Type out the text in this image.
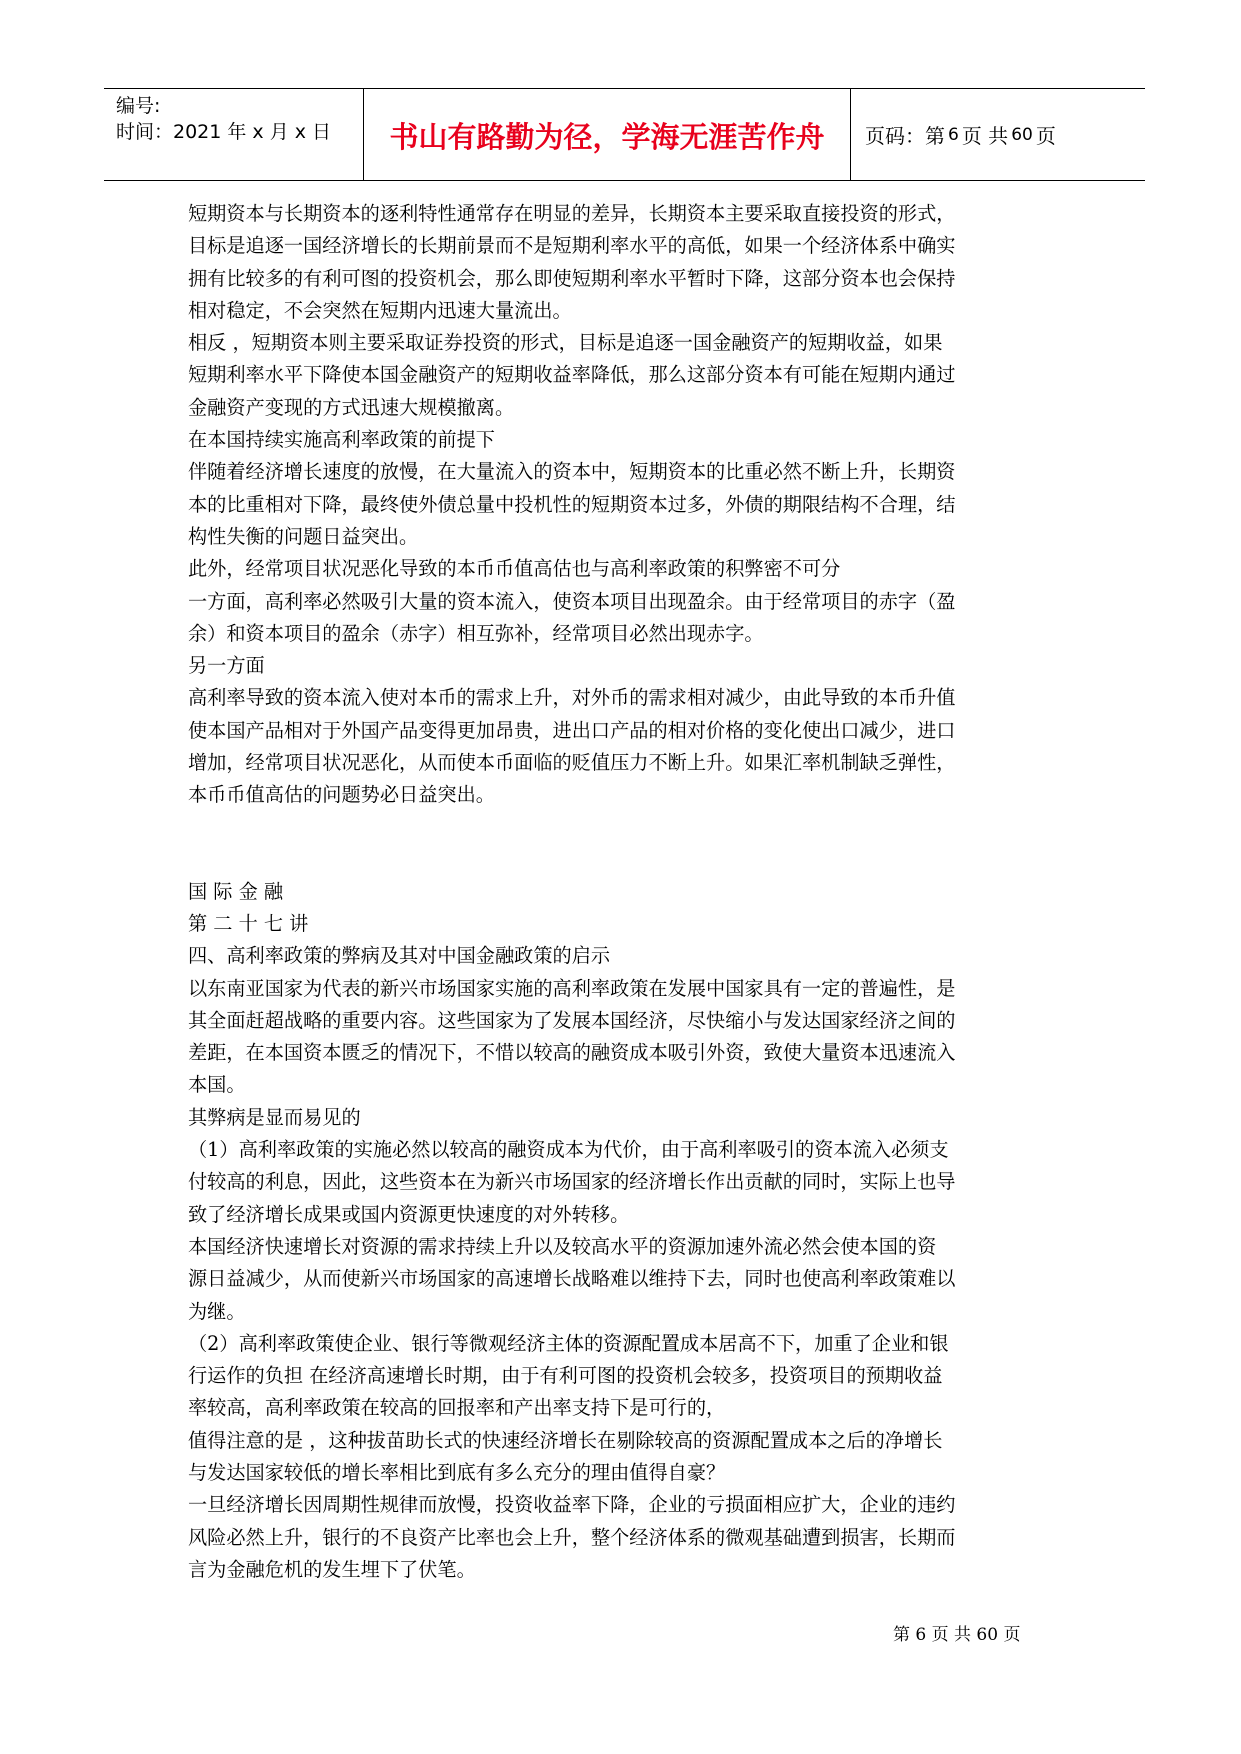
编号:
时间：2021 年 x 月 x 日	书山有路勤为径，学海无涯苦作舟	页码：第 6 页 共 60 页

短期资本与长期资本的逐利特性通常存在明显的差异，长期资本主要采取直接投资的形式，

目标是追逐一国经济增长的长期前景而不是短期利率水平的高低，如果一个经济体系中确实

拥有比较多的有利可图的投资机会，那么即使短期利率水平暂时下降，这部分资本也会保持

相对稳定，不会突然在短期内迅速大量流出。

相反 ，短期资本则主要采取证券投资的形式，目标是追逐一国金融资产的短期收益，如果

短期利率水平下降使本国金融资产的短期收益率降低，那么这部分资本有可能在短期内通过

金融资产变现的方式迅速大规模撤离。

在本国持续实施高利率政策的前提下

伴随着经济增长速度的放慢，在大量流入的资本中，短期资本的比重必然不断上升，长期资

本的比重相对下降，最终使外债总量中投机性的短期资本过多，外债的期限结构不合理，结

构性失衡的问题日益突出。

此外，经常项目状况恶化导致的本币币值高估也与高利率政策的积弊密不可分

一方面，高利率必然吸引大量的资本流入，使资本项目出现盈余。由于经常项目的赤字（盈

余）和资本项目的盈余（赤字）相互弥补，经常项目必然出现赤字。

另一方面

高利率导致的资本流入使对本币的需求上升，对外币的需求相对减少，由此导致的本币升值

使本国产品相对于外国产品变得更加昂贵，进出口产品的相对价格的变化使出口减少，进口

增加，经常项目状况恶化，从而使本币面临的贬值压力不断上升。如果汇率机制缺乏弹性，

本币币值高估的问题势必日益突出。

国 际 金 融

第 二 十 七 讲

四、高利率政策的弊病及其对中国金融政策的启示

以东南亚国家为代表的新兴市场国家实施的高利率政策在发展中国家具有一定的普遍性，是

其全面赶超战略的重要内容。这些国家为了发展本国经济，尽快缩小与发达国家经济之间的

差距，在本国资本匮乏的情况下，不惜以较高的融资成本吸引外资，致使大量资本迅速流入

本国。

其弊病是显而易见的

（1）高利率政策的实施必然以较高的融资成本为代价，由于高利率吸引的资本流入必须支

付较高的利息，因此，这些资本在为新兴市场国家的经济增长作出贡献的同时，实际上也导

致了经济增长成果或国内资源更快速度的对外转移。

本国经济快速增长对资源的需求持续上升以及较高水平的资源加速外流必然会使本国的资

源日益减少，从而使新兴市场国家的高速增长战略难以维持下去，同时也使高利率政策难以

为继。

（2）高利率政策使企业、银行等微观经济主体的资源配置成本居高不下，加重了企业和银

行运作的负担 在经济高速增长时期，由于有利可图的投资机会较多，投资项目的预期收益

率较高，高利率政策在较高的回报率和产出率支持下是可行的，

值得注意的是 ，这种拔苗助长式的快速经济增长在剔除较高的资源配置成本之后的净增长

与发达国家较低的增长率相比到底有多么充分的理由值得自豪？

一旦经济增长因周期性规律而放慢，投资收益率下降，企业的亏损面相应扩大，企业的违约

风险必然上升，银行的不良资产比率也会上升，整个经济体系的微观基础遭到损害，长期而

言为金融危机的发生埋下了伏笔。

第 6 页 共 60 页
